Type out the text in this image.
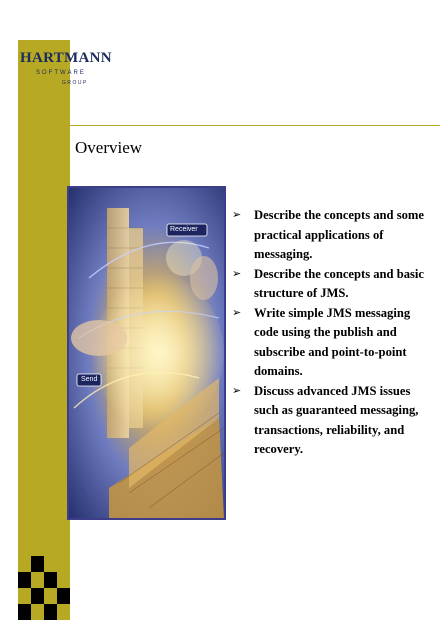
HARTMANN
SOFTWARE
GROUP
Overview
6
Receiver
Send
➢ Describe the concepts and some practical applications of messaging.
➢ Describe the concepts and basic structure of JMS.
➢ Write simple JMS messaging code using the publish and subscribe and point-to-point domains.
➢ Discuss advanced JMS issues such as guaranteed messaging, transactions, reliability, and recovery.
